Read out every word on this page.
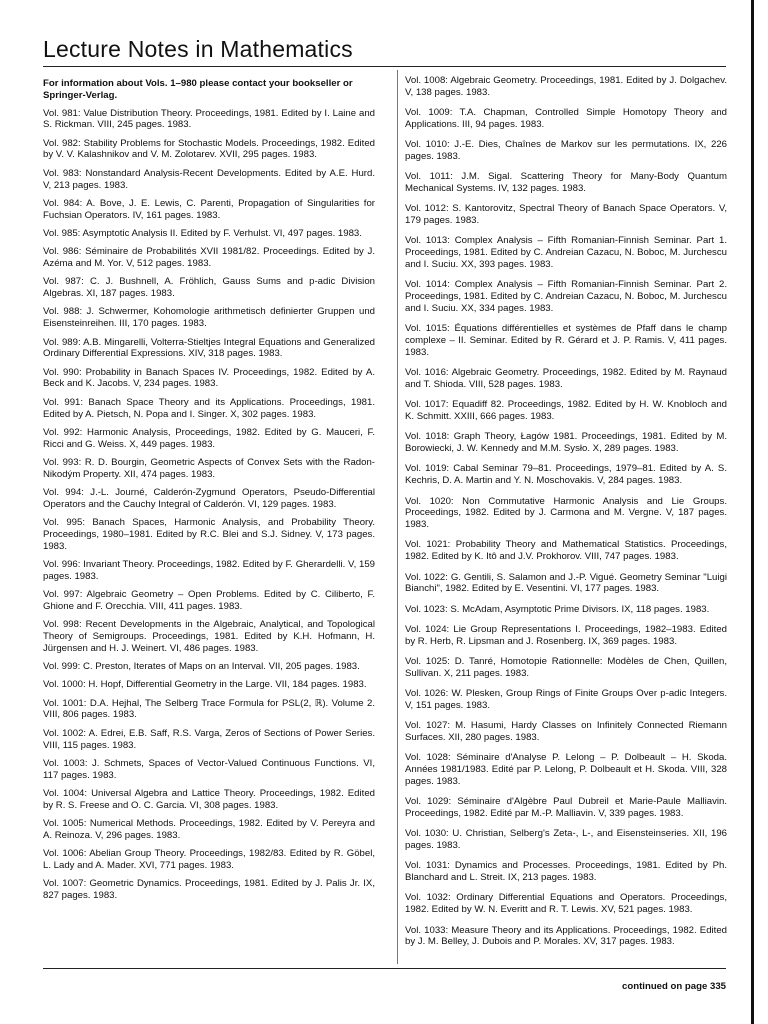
Lecture Notes in Mathematics

For information about Vols. 1–980 please contact your bookseller or Springer-Verlag.

Vol. 981: Value Distribution Theory. Proceedings, 1981. Edited by I. Laine and S. Rickman. VIII, 245 pages. 1983.

Vol. 982: Stability Problems for Stochastic Models. Proceedings, 1982. Edited by V. V. Kalashnikov and V. M. Zolotarev. XVII, 295 pages. 1983.

Vol. 983: Nonstandard Analysis-Recent Developments. Edited by A.E. Hurd. V, 213 pages. 1983.

Vol. 984: A. Bove, J. E. Lewis, C. Parenti, Propagation of Singularities for Fuchsian Operators. IV, 161 pages. 1983.

Vol. 985: Asymptotic Analysis II. Edited by F. Verhulst. VI, 497 pages. 1983.

Vol. 986: Séminaire de Probabilités XVII 1981/82. Proceedings. Edited by J. Azéma and M. Yor. V, 512 pages. 1983.

Vol. 987: C. J. Bushnell, A. Fröhlich, Gauss Sums and p-adic Division Algebras. XI, 187 pages. 1983.

Vol. 988: J. Schwermer, Kohomologie arithmetisch definierter Gruppen und Eisensteinreihen. III, 170 pages. 1983.

Vol. 989: A.B. Mingarelli, Volterra-Stieltjes Integral Equations and Generalized Ordinary Differential Expressions. XIV, 318 pages. 1983.

Vol. 990: Probability in Banach Spaces IV. Proceedings, 1982. Edited by A. Beck and K. Jacobs. V, 234 pages. 1983.

Vol. 991: Banach Space Theory and its Applications. Proceedings, 1981. Edited by A. Pietsch, N. Popa and I. Singer. X, 302 pages. 1983.

Vol. 992: Harmonic Analysis, Proceedings, 1982. Edited by G. Mauceri, F. Ricci and G. Weiss. X, 449 pages. 1983.

Vol. 993: R. D. Bourgin, Geometric Aspects of Convex Sets with the Radon-Nikodým Property. XII, 474 pages. 1983.

Vol. 994: J.-L. Journé, Calderón-Zygmund Operators, Pseudo-Differential Operators and the Cauchy Integral of Calderón. VI, 129 pages. 1983.

Vol. 995: Banach Spaces, Harmonic Analysis, and Probability Theory. Proceedings, 1980–1981. Edited by R.C. Blei and S.J. Sidney. V, 173 pages. 1983.

Vol. 996: Invariant Theory. Proceedings, 1982. Edited by F. Gherardelli. V, 159 pages. 1983.

Vol. 997: Algebraic Geometry – Open Problems. Edited by C. Ciliberto, F. Ghione and F. Orecchia. VIII, 411 pages. 1983.

Vol. 998: Recent Developments in the Algebraic, Analytical, and Topological Theory of Semigroups. Proceedings, 1981. Edited by K.H. Hofmann, H. Jürgensen and H. J. Weinert. VI, 486 pages. 1983.

Vol. 999: C. Preston, Iterates of Maps on an Interval. VII, 205 pages. 1983.

Vol. 1000: H. Hopf, Differential Geometry in the Large. VII, 184 pages. 1983.

Vol. 1001: D.A. Hejhal, The Selberg Trace Formula for PSL(2, ℝ). Volume 2. VIII, 806 pages. 1983.

Vol. 1002: A. Edrei, E.B. Saff, R.S. Varga, Zeros of Sections of Power Series. VIII, 115 pages. 1983.

Vol. 1003: J. Schmets, Spaces of Vector-Valued Continuous Functions. VI, 117 pages. 1983.

Vol. 1004: Universal Algebra and Lattice Theory. Proceedings, 1982. Edited by R. S. Freese and O. C. Garcia. VI, 308 pages. 1983.

Vol. 1005: Numerical Methods. Proceedings, 1982. Edited by V. Pereyra and A. Reinoza. V, 296 pages. 1983.

Vol. 1006: Abelian Group Theory. Proceedings, 1982/83. Edited by R. Göbel, L. Lady and A. Mader. XVI, 771 pages. 1983.

Vol. 1007: Geometric Dynamics. Proceedings, 1981. Edited by J. Palis Jr. IX, 827 pages. 1983.

Vol. 1008: Algebraic Geometry. Proceedings, 1981. Edited by J. Dolgachev. V, 138 pages. 1983.

Vol. 1009: T.A. Chapman, Controlled Simple Homotopy Theory and Applications. III, 94 pages. 1983.

Vol. 1010: J.-E. Dies, Chaînes de Markov sur les permutations. IX, 226 pages. 1983.

Vol. 1011: J.M. Sigal. Scattering Theory for Many-Body Quantum Mechanical Systems. IV, 132 pages. 1983.

Vol. 1012: S. Kantorovitz, Spectral Theory of Banach Space Operators. V, 179 pages. 1983.

Vol. 1013: Complex Analysis – Fifth Romanian-Finnish Seminar. Part 1. Proceedings, 1981. Edited by C. Andreian Cazacu, N. Boboc, M. Jurchescu and I. Suciu. XX, 393 pages. 1983.

Vol. 1014: Complex Analysis – Fifth Romanian-Finnish Seminar. Part 2. Proceedings, 1981. Edited by C. Andreian Cazacu, N. Boboc, M. Jurchescu and I. Suciu. XX, 334 pages. 1983.

Vol. 1015: Équations différentielles et systèmes de Pfaff dans le champ complexe – II. Seminar. Edited by R. Gérard et J. P. Ramis. V, 411 pages. 1983.

Vol. 1016: Algebraic Geometry. Proceedings, 1982. Edited by M. Raynaud and T. Shioda. VIII, 528 pages. 1983.

Vol. 1017: Equadiff 82. Proceedings, 1982. Edited by H. W. Knobloch and K. Schmitt. XXIII, 666 pages. 1983.

Vol. 1018: Graph Theory, Łagów 1981. Proceedings, 1981. Edited by M. Borowiecki, J. W. Kennedy and M.M. Sysło. X, 289 pages. 1983.

Vol. 1019: Cabal Seminar 79–81. Proceedings, 1979–81. Edited by A. S. Kechris, D. A. Martin and Y. N. Moschovakis. V, 284 pages. 1983.

Vol. 1020: Non Commutative Harmonic Analysis and Lie Groups. Proceedings, 1982. Edited by J. Carmona and M. Vergne. V, 187 pages. 1983.

Vol. 1021: Probability Theory and Mathematical Statistics. Proceedings, 1982. Edited by K. Itô and J.V. Prokhorov. VIII, 747 pages. 1983.

Vol. 1022: G. Gentili, S. Salamon and J.-P. Vigué. Geometry Seminar "Luigi Bianchi", 1982. Edited by E. Vesentini. VI, 177 pages. 1983.

Vol. 1023: S. McAdam, Asymptotic Prime Divisors. IX, 118 pages. 1983.

Vol. 1024: Lie Group Representations I. Proceedings, 1982–1983. Edited by R. Herb, R. Lipsman and J. Rosenberg. IX, 369 pages. 1983.

Vol. 1025: D. Tanré, Homotopie Rationnelle: Modèles de Chen, Quillen, Sullivan. X, 211 pages. 1983.

Vol. 1026: W. Plesken, Group Rings of Finite Groups Over p-adic Integers. V, 151 pages. 1983.

Vol. 1027: M. Hasumi, Hardy Classes on Infinitely Connected Riemann Surfaces. XII, 280 pages. 1983.

Vol. 1028: Séminaire d'Analyse P. Lelong – P. Dolbeault – H. Skoda. Années 1981/1983. Edité par P. Lelong, P. Dolbeault et H. Skoda. VIII, 328 pages. 1983.

Vol. 1029: Séminaire d'Algèbre Paul Dubreil et Marie-Paule Malliavin. Proceedings, 1982. Edité par M.-P. Malliavin. V, 339 pages. 1983.

Vol. 1030: U. Christian, Selberg's Zeta-, L-, and Eisensteinseries. XII, 196 pages. 1983.

Vol. 1031: Dynamics and Processes. Proceedings, 1981. Edited by Ph. Blanchard and L. Streit. IX, 213 pages. 1983.

Vol. 1032: Ordinary Differential Equations and Operators. Proceedings, 1982. Edited by W. N. Everitt and R. T. Lewis. XV, 521 pages. 1983.

Vol. 1033: Measure Theory and its Applications. Proceedings, 1982. Edited by J. M. Belley, J. Dubois and P. Morales. XV, 317 pages. 1983.

continued on page 335
